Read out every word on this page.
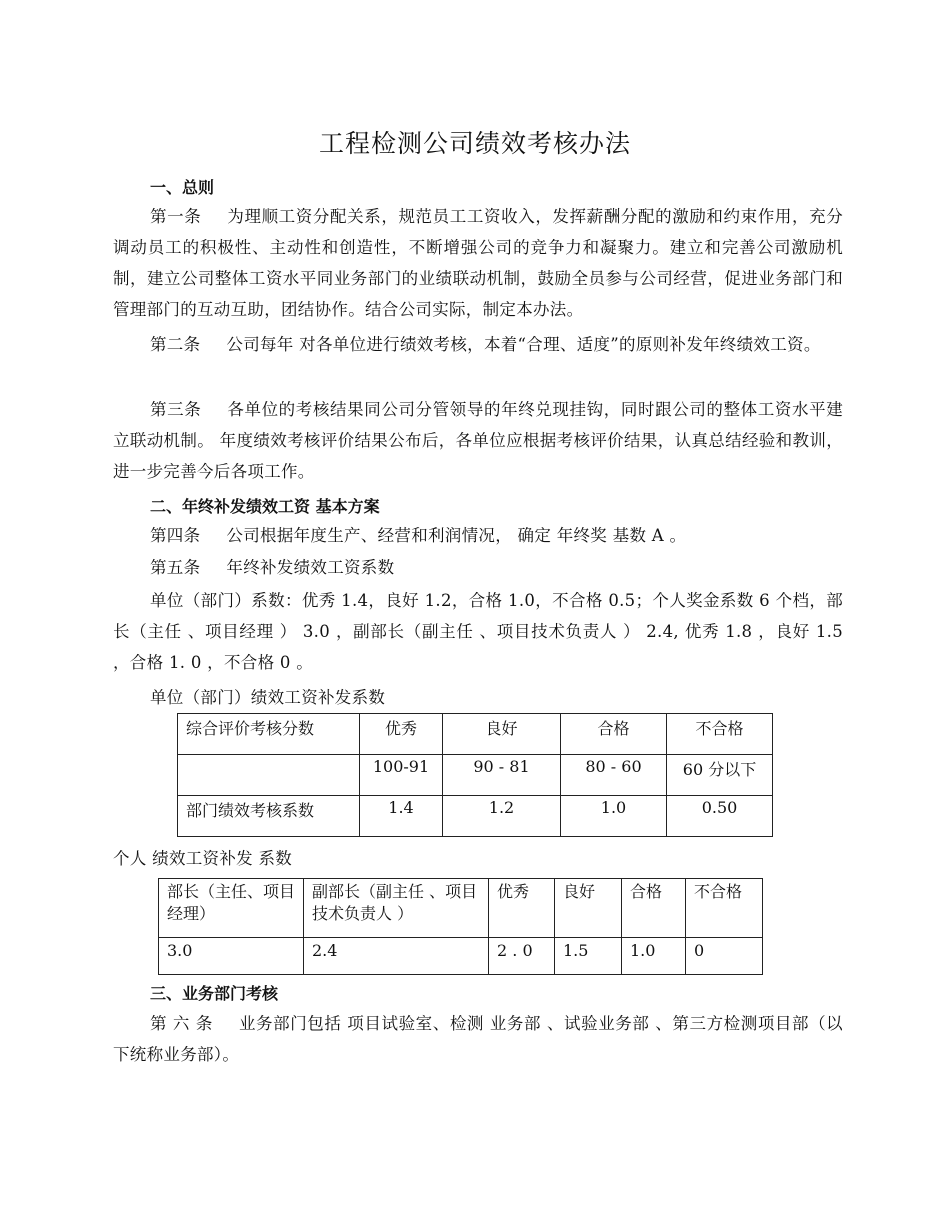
工程检测公司绩效考核办法
一、总则
第一条 为理顺工资分配关系，规范员工工资收入，发挥薪酬分配的激励和约束作用，充分调动员工的积极性、主动性和创造性，不断增强公司的竞争力和凝聚力。建立和完善公司激励机制，建立公司整体工资水平同业务部门的业绩联动机制，鼓励全员参与公司经营，促进业务部门和管理部门的互动互助，团结协作。结合公司实际，制定本办法。
第二条 公司每年 对各单位进行绩效考核，本着“合理、适度”的原则补发年终绩效工资。
第三条 各单位的考核结果同公司分管领导的年终兑现挂钩，同时跟公司的整体工资水平建立联动机制。 年度绩效考核评价结果公布后，各单位应根据考核评价结果，认真总结经验和教训，进一步完善今后各项工作。
二、年终补发绩效工资 基本方案
第四条 公司根据年度生产、经营和利润情况， 确定 年终奖 基数 A 。
第五条 年终补发绩效工资系数
单位（部门）系数：优秀 1.4，良好 1.2，合格 1.0，不合格 0.5；个人奖金系数 6 个档，部长（主任 、项目经理 ） 3.0 ，副部长（副主任 、项目技术负责人 ） 2.4, 优秀 1.8 ，良好 1.5 ，合格 1. 0 ，不合格 0 。
单位（部门）绩效工资补发系数
综合评价考核分数	优秀	良好	合格	不合格
	100-91	90 - 81	80 - 60	60 分以下
部门绩效考核系数	1.4	1.2	1.0	0.50
个人 绩效工资补发 系数
部长（主任、项目经理）	副部长（副主任 、项目技术负责人 ）	优秀	良好	合格	不合格
3.0	2.4	2 . 0	1.5	1.0	0
三、业务部门考核
第 六 条 业务部门包括 项目试验室、检测 业务部 、试验业务部 、第三方检测项目部（以下统称业务部）。
